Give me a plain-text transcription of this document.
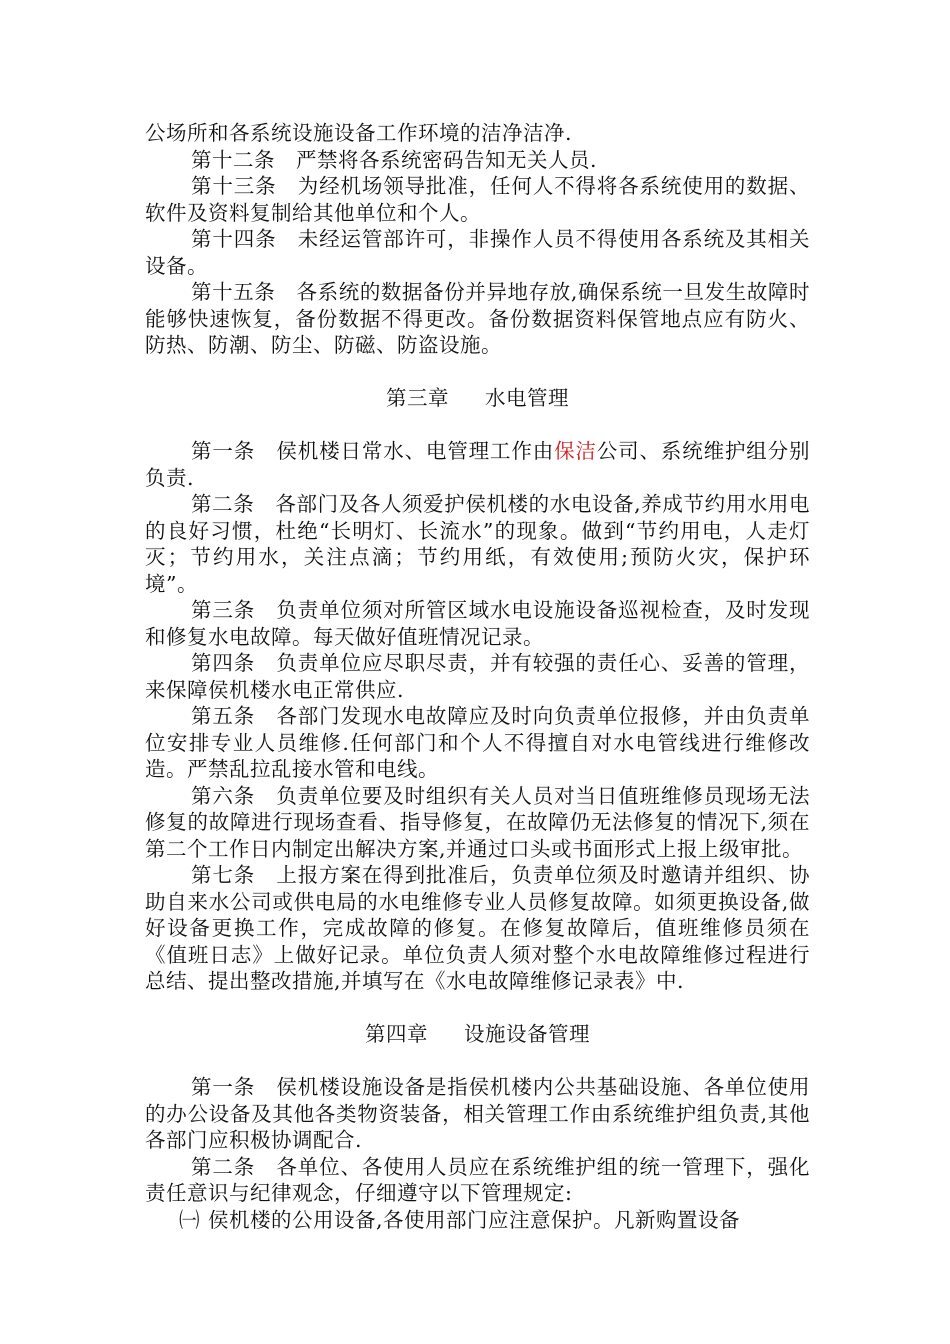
公场所和各系统设施设备工作环境的洁净洁净.

第十二条　严禁将各系统密码告知无关人员.

第十三条　为经机场领导批准，任何人不得将各系统使用的数据、软件及资料复制给其他单位和个人。

第十四条　未经运管部许可，非操作人员不得使用各系统及其相关设备。

第十五条　各系统的数据备份并异地存放,确保系统一旦发生故障时能够快速恢复，备份数据不得更改。备份数据资料保管地点应有防火、防热、防潮、防尘、防磁、防盗设施。

第三章 水电管理

第一条　侯机楼日常水、电管理工作由保洁公司、系统维护组分别负责.

第二条　各部门及各人须爱护侯机楼的水电设备,养成节约用水用电的良好习惯，杜绝“长明灯、长流水”的现象。做到“节约用电，人走灯灭；节约用水，关注点滴；节约用纸，有效使用;预防火灾，保护环境”。

第三条　负责单位须对所管区域水电设施设备巡视检查，及时发现和修复水电故障。每天做好值班情况记录。

第四条　负责单位应尽职尽责，并有较强的责任心、妥善的管理，来保障侯机楼水电正常供应.

第五条　各部门发现水电故障应及时向负责单位报修，并由负责单位安排专业人员维修.任何部门和个人不得擅自对水电管线进行维修改造。严禁乱拉乱接水管和电线。

第六条　负责单位要及时组织有关人员对当日值班维修员现场无法修复的故障进行现场查看、指导修复，在故障仍无法修复的情况下,须在第二个工作日内制定出解决方案,并通过口头或书面形式上报上级审批。

第七条　上报方案在得到批准后，负责单位须及时邀请并组织、协助自来水公司或供电局的水电维修专业人员修复故障。如须更换设备,做好设备更换工作，完成故障的修复。在修复故障后，值班维修员须在《值班日志》上做好记录。单位负责人须对整个水电故障维修过程进行总结、提出整改措施,并填写在《水电故障维修记录表》中.

第四章 设施设备管理

第一条　侯机楼设施设备是指侯机楼内公共基础设施、各单位使用的办公设备及其他各类物资装备，相关管理工作由系统维护组负责,其他各部门应积极协调配合.

第二条　各单位、各使用人员应在系统维护组的统一管理下，强化责任意识与纪律观念，仔细遵守以下管理规定:

㈠ 侯机楼的公用设备,各使用部门应注意保护。凡新购置设备
